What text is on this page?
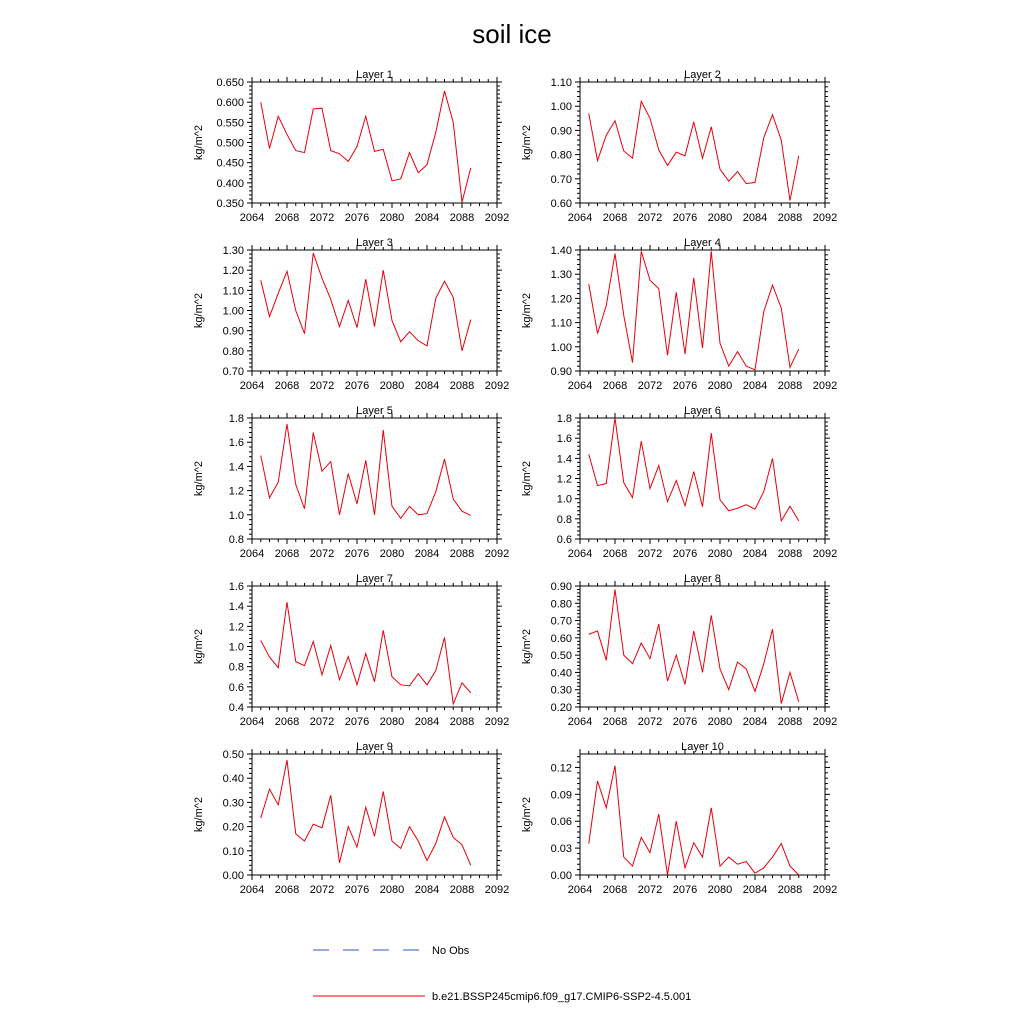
soil ice
Layer 1
kg/m^2
2064 2068 2072 2076 2080 2084 2088 2092
0.350
0.400
0.450
0.500
0.550
0.600
0.650
Layer 2
kg/m^2
2064 2068 2072 2076 2080 2084 2088 2092
0.60
0.70
0.80
0.90
1.00
1.10
Layer 3
kg/m^2
2064 2068 2072 2076 2080 2084 2088 2092
0.70
0.80
0.90
1.00
1.10
1.20
1.30
Layer 4
kg/m^2
2064 2068 2072 2076 2080 2084 2088 2092
0.90
1.00
1.10
1.20
1.30
1.40
Layer 5
kg/m^2
2064 2068 2072 2076 2080 2084 2088 2092
0.8
1.0
1.2
1.4
1.6
1.8
Layer 6
kg/m^2
2064 2068 2072 2076 2080 2084 2088 2092
0.6
0.8
1.0
1.2
1.4
1.6
1.8
Layer 7
kg/m^2
2064 2068 2072 2076 2080 2084 2088 2092
0.4
0.6
0.8
1.0
1.2
1.4
1.6
Layer 8
kg/m^2
2064 2068 2072 2076 2080 2084 2088 2092
0.20
0.30
0.40
0.50
0.60
0.70
0.80
0.90
Layer 9
kg/m^2
2064 2068 2072 2076 2080 2084 2088 2092
0.00
0.10
0.20
0.30
0.40
0.50
Layer 10
kg/m^2
2064 2068 2072 2076 2080 2084 2088 2092
0.00
0.03
0.06
0.09
0.12
No Obs
b.e21.BSSP245cmip6.f09_g17.CMIP6-SSP2-4.5.001
